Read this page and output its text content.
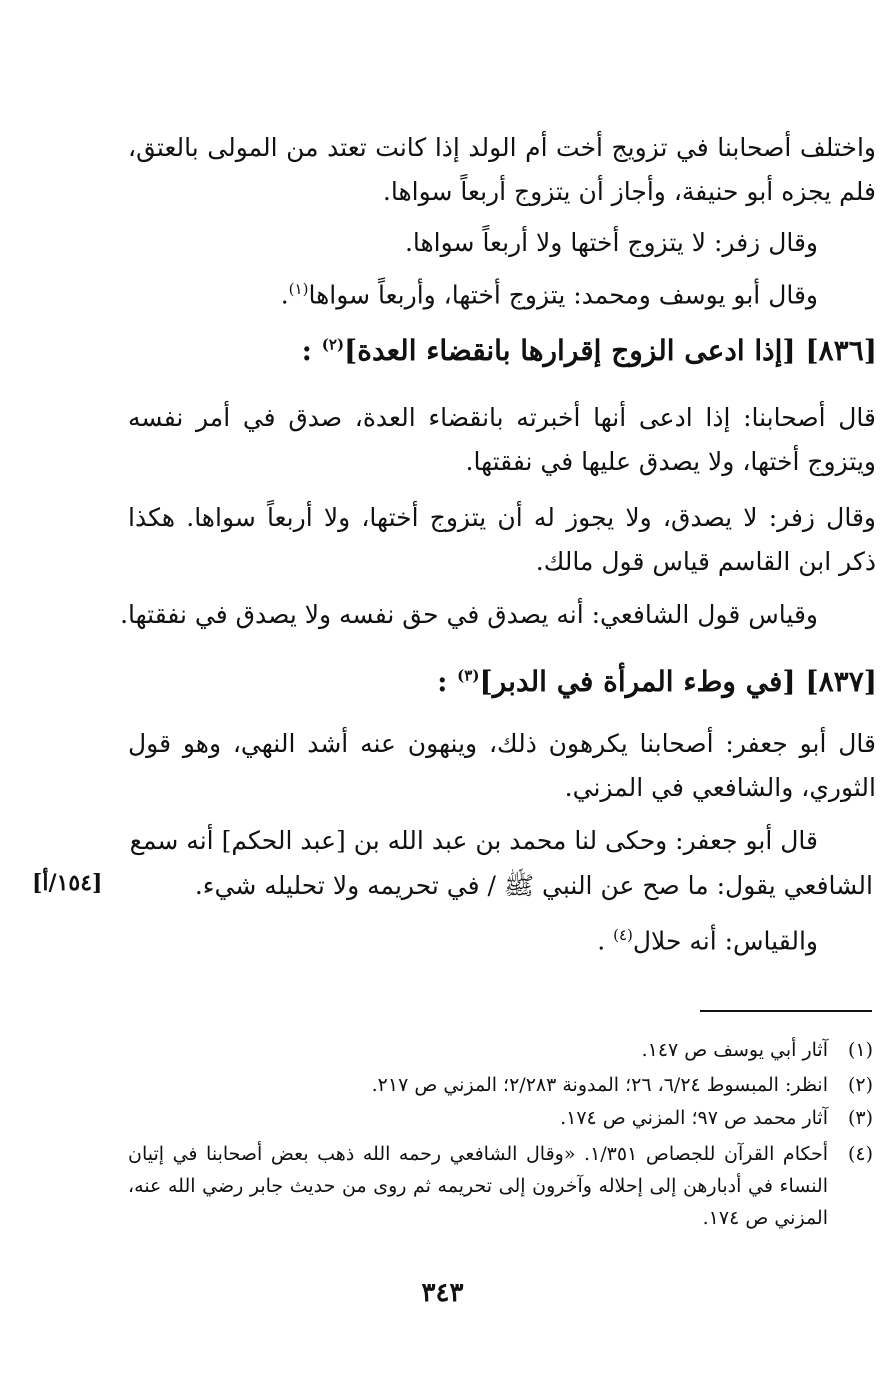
واختلف أصحابنا في تزويج أخت أم الولد إذا كانت تعتد من المولى بالعتق، فلم يجزه أبو حنيفة، وأجاز أن يتزوج أربعاً سواها.
وقال زفر: لا يتزوج أختها ولا أربعاً سواها.
وقال أبو يوسف ومحمد: يتزوج أختها، وأربعاً سواها$^{(١)}$.
[٨٣٦] [إذا ادعى الزوج إقرارها بانقضاء العدة]$^{(٢)}$ :
قال أصحابنا: إذا ادعى أنها أخبرته بانقضاء العدة، صدق في أمر نفسه ويتزوج أختها، ولا يصدق عليها في نفقتها.
وقال زفر: لا يصدق، ولا يجوز له أن يتزوج أختها، ولا أربعاً سواها. هكذا ذكر ابن القاسم قياس قول مالك.
وقياس قول الشافعي: أنه يصدق في حق نفسه ولا يصدق في نفقتها.
[٨٣٧] [في وطء المرأة في الدبر]$^{(٣)}$ :
قال أبو جعفر: أصحابنا يكرهون ذلك، وينهون عنه أشد النهي، وهو قول الثوري، والشافعي في المزني.
قال أبو جعفر: وحكى لنا محمد بن عبد الله بن [عبد الحكم] أنه سمع
الشافعي يقول: ما صح عن النبي ﷺ / في تحريمه ولا تحليله شيء.
[١٥٤/أ]
والقياس: أنه حلال$^{(٤)}$ .
(١)
آثار أبي يوسف ص ١٤٧.
(٢)
انظر: المبسوط ٦/٢٤، ٢٦؛ المدونة ٢/٢٨٣؛ المزني ص ٢١٧.
(٣)
آثار محمد ص ٩٧؛ المزني ص ١٧٤.
(٤)
أحكام القرآن للجصاص ١/٣٥١. «وقال الشافعي رحمه الله ذهب بعض أصحابنا في إتيان النساء في أدبارهن إلى إحلاله وآخرون إلى تحريمه ثم روى من حديث جابر رضي الله عنه، المزني ص ١٧٤.
٣٤٣
